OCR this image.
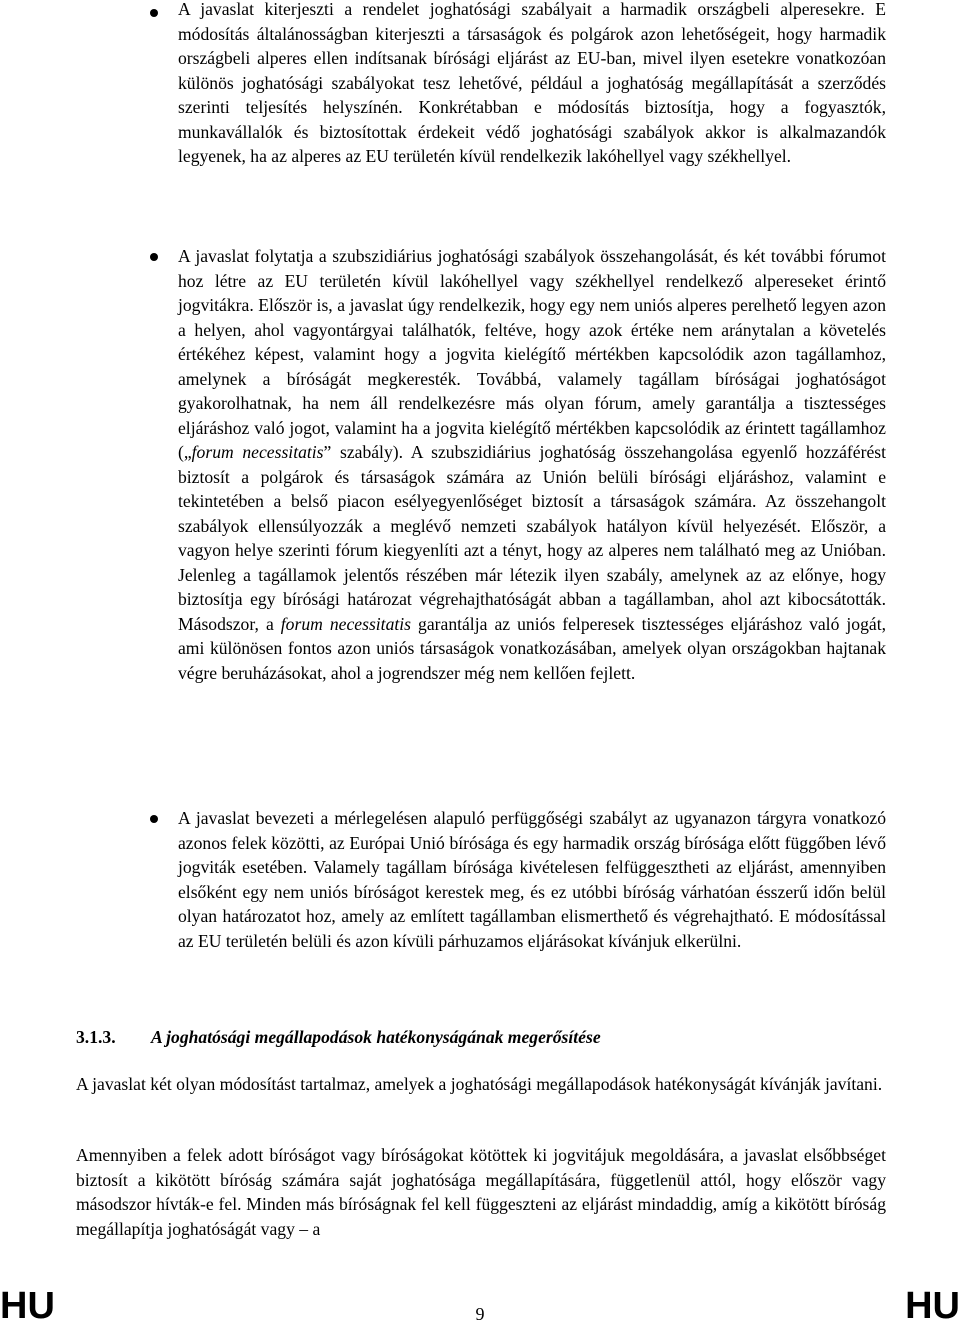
A javaslat kiterjeszti a rendelet joghatósági szabályait a harmadik országbeli alperesekre. E módosítás általánosságban kiterjeszti a társaságok és polgárok azon lehetőségeit, hogy harmadik országbeli alperes ellen indítsanak bírósági eljárást az EU-ban, mivel ilyen esetekre vonatkozóan különös joghatósági szabályokat tesz lehetővé, például a joghatóság megállapítását a szerződés szerinti teljesítés helyszínén. Konkrétabban e módosítás biztosítja, hogy a fogyasztók, munkavállalók és biztosítottak érdekeit védő joghatósági szabályok akkor is alkalmazandók legyenek, ha az alperes az EU területén kívül rendelkezik lakóhellyel vagy székhellyel.

A javaslat folytatja a szubszidiárius joghatósági szabályok összehangolását, és két további fórumot hoz létre az EU területén kívül lakóhellyel vagy székhellyel rendelkező alpereseket érintő jogvitákra. Először is, a javaslat úgy rendelkezik, hogy egy nem uniós alperes perelhető legyen azon a helyen, ahol vagyontárgyai találhatók, feltéve, hogy azok értéke nem aránytalan a követelés értékéhez képest, valamint hogy a jogvita kielégítő mértékben kapcsolódik azon tagállamhoz, amelynek a bíróságát megkeresték. Továbbá, valamely tagállam bíróságai joghatóságot gyakorolhatnak, ha nem áll rendelkezésre más olyan fórum, amely garantálja a tisztességes eljáráshoz való jogot, valamint ha a jogvita kielégítő mértékben kapcsolódik az érintett tagállamhoz („forum necessitatis” szabály). A szubszidiárius joghatóság összehangolása egyenlő hozzáférést biztosít a polgárok és társaságok számára az Unión belüli bírósági eljáráshoz, valamint e tekintetében a belső piacon esélyegyenlőséget biztosít a társaságok számára. Az összehangolt szabályok ellensúlyozzák a meglévő nemzeti szabályok hatályon kívül helyezését. Először, a vagyon helye szerinti fórum kiegyenlíti azt a tényt, hogy az alperes nem található meg az Unióban. Jelenleg a tagállamok jelentős részében már létezik ilyen szabály, amelynek az az előnye, hogy biztosítja egy bírósági határozat végrehajthatóságát abban a tagállamban, ahol azt kibocsátották. Másodszor, a forum necessitatis garantálja az uniós felperesek tisztességes eljáráshoz való jogát, ami különösen fontos azon uniós társaságok vonatkozásában, amelyek olyan országokban hajtanak végre beruházásokat, ahol a jogrendszer még nem kellően fejlett.

A javaslat bevezeti a mérlegelésen alapuló perfüggőségi szabályt az ugyanazon tárgyra vonatkozó azonos felek közötti, az Európai Unió bírósága és egy harmadik ország bírósága előtt függőben lévő jogviták esetében. Valamely tagállam bírósága kivételesen felfüggesztheti az eljárást, amennyiben elsőként egy nem uniós bíróságot kerestek meg, és ez utóbbi bíróság várhatóan ésszerű időn belül olyan határozatot hoz, amely az említett tagállamban elismerthető és végrehajtható. E módosítással az EU területén belüli és azon kívüli párhuzamos eljárásokat kívánjuk elkerülni.

3.1.3. A joghatósági megállapodások hatékonyságának megerősítése

A javaslat két olyan módosítást tartalmaz, amelyek a joghatósági megállapodások hatékonyságát kívánják javítani.

Amennyiben a felek adott bíróságot vagy bíróságokat kötöttek ki jogvitájuk megoldására, a javaslat elsőbbséget biztosít a kikötött bíróság számára saját joghatósága megállapítására, függetlenül attól, hogy először vagy másodszor hívták-e fel. Minden más bíróságnak fel kell függeszteni az eljárást mindaddig, amíg a kikötött bíróság megállapítja joghatóságát vagy – a

HU	9	HU
